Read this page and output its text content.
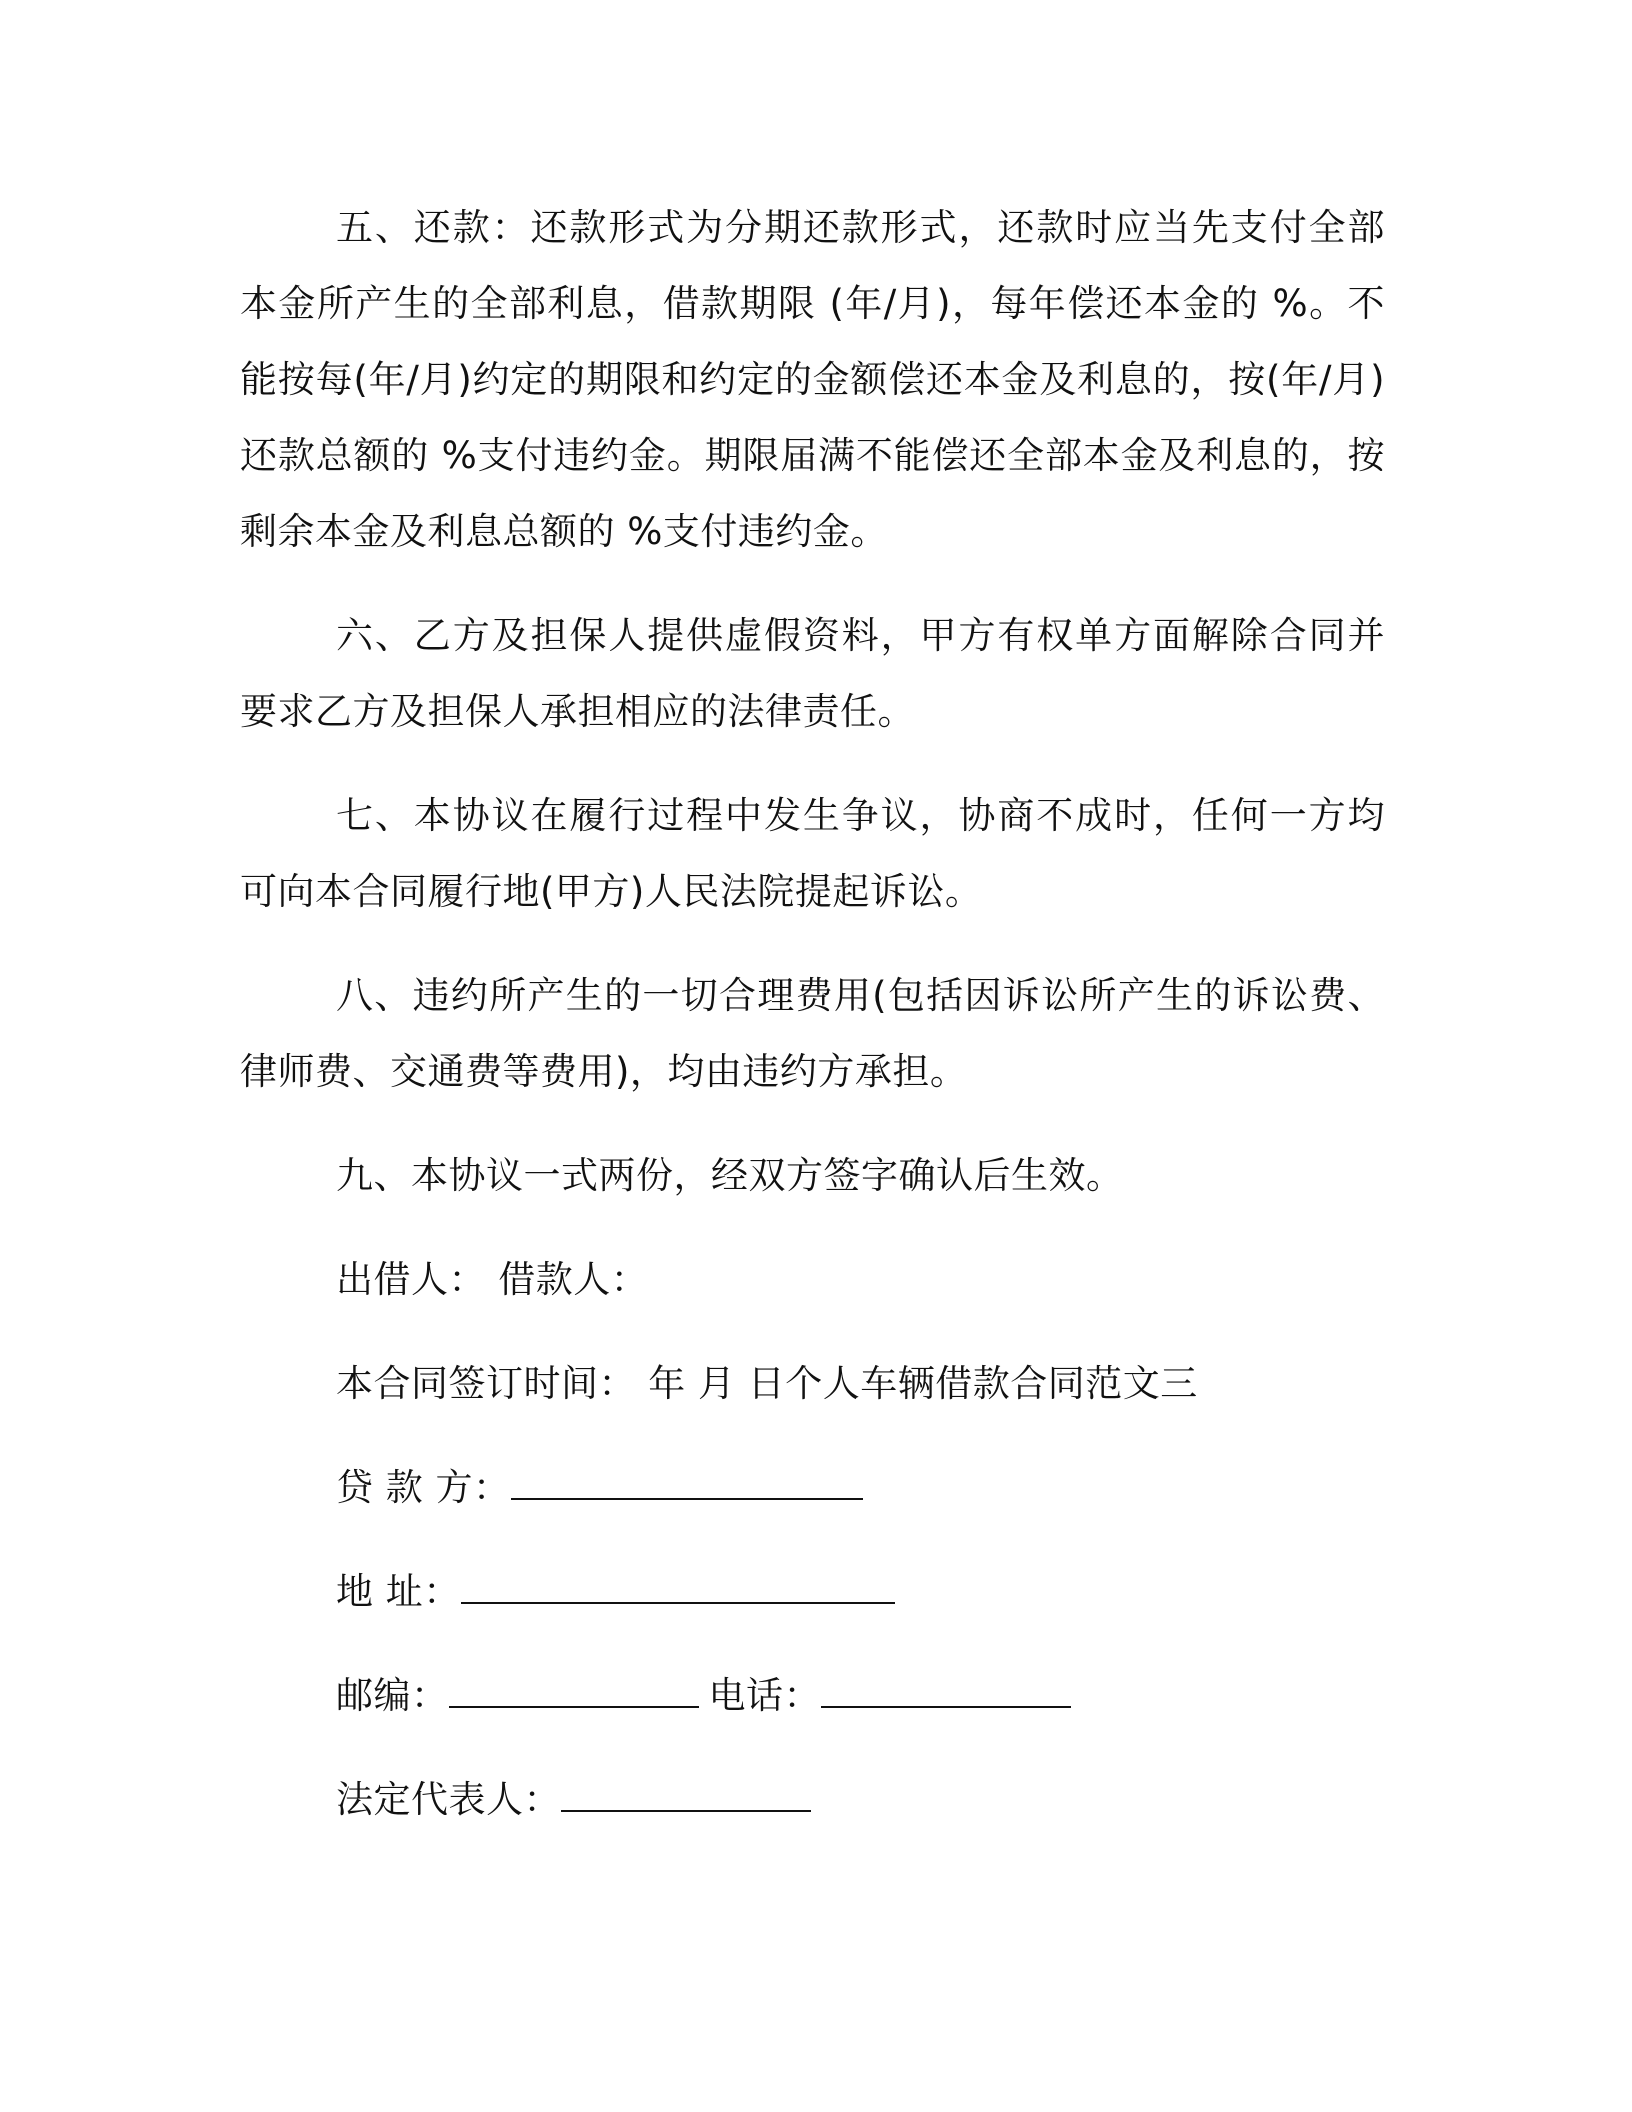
五、还款：还款形式为分期还款形式，还款时应当先支付全部本金所产生的全部利息，借款期限 (年/月)，每年偿还本金的 %。不能按每(年/月)约定的期限和约定的金额偿还本金及利息的，按(年/月)还款总额的 %支付违约金。期限届满不能偿还全部本金及利息的，按剩余本金及利息总额的 %支付违约金。

六、乙方及担保人提供虚假资料，甲方有权单方面解除合同并要求乙方及担保人承担相应的法律责任。

七、本协议在履行过程中发生争议，协商不成时，任何一方均可向本合同履行地(甲方)人民法院提起诉讼。

八、违约所产生的一切合理费用(包括因诉讼所产生的诉讼费、律师费、交通费等费用)，均由违约方承担。

九、本协议一式两份，经双方签字确认后生效。

出借人： 借款人：
本合同签订时间： 年 月 日个人车辆借款合同范文三
贷 款 方：
地 址：
邮编：	电话：
法定代表人：
